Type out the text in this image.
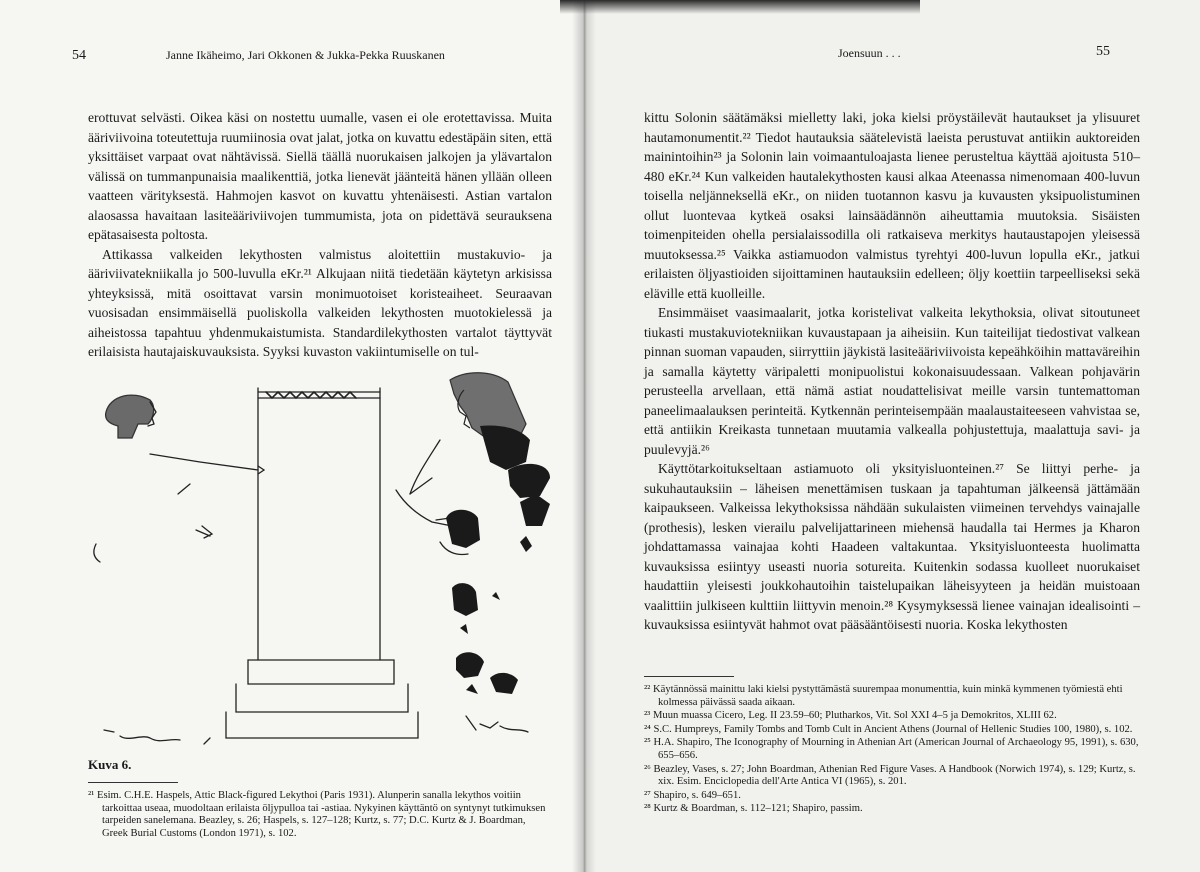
54	Janne Ikäheimo, Jari Okkonen & Jukka-Pekka Ruuskanen

erottuvat selvästi. Oikea käsi on nostettu uumalle, vasen ei ole erotettavissa. Muita ääriviivoina toteutettuja ruumiinosia ovat jalat, jotka on kuvattu edestäpäin siten, että yksittäiset varpaat ovat nähtävissä. Siellä täällä nuorukaisen jalkojen ja ylävartalon välissä on tummanpunaisia maalikenttiä, jotka lienevät jäänteitä hänen yllään olleen vaatteen värityksestä. Hahmojen kasvot on kuvattu yhtenäisesti. Astian vartalon alaosassa havaitaan lasiteääriviivojen tummumista, jota on pidettävä seurauksena epätasaisesta poltosta.

Attikassa valkeiden lekythosten valmistus aloitettiin mustakuvio- ja ääriviivatekniikalla jo 500-luvulla eKr.²¹ Alkujaan niitä tiedetään käytetyn arkisissa yhteyksissä, mitä osoittavat varsin monimuotoiset koristeaiheet. Seuraavan vuosisadan ensimmäisellä puoliskolla valkeiden lekythosten muotokielessä ja aiheistossa tapahtuu yhdenmukaistumista. Standardilekythosten vartalot täyttyvät erilaisista hautajaiskuvauksista. Syyksi kuvaston vakiintumiselle on tul-

Kuva 6.

²¹ Esim. C.H.E. Haspels, Attic Black-figured Lekythoi (Paris 1931). Alunperin sanalla lekythos voitiin tarkoittaa useaa, muodoltaan erilaista öljypulloa tai -astiaa. Nykyinen käyttäntö on syntynyt tutkimuksen tarpeiden sanelemana. Beazley, s. 26; Haspels, s. 127–128; Kurtz, s. 77; D.C. Kurtz & J. Boardman, Greek Burial Customs (London 1971), s. 102.

Joensuun . . .	55

kittu Solonin säätämäksi mielletty laki, joka kielsi pröystäilevät hautaukset ja ylisuuret hautamonumentit.²² Tiedot hautauksia säätelevistä laeista perustuvat antiikin auktoreiden mainintoihin²³ ja Solonin lain voimaantuloajasta lienee perusteltua käyttää ajoitusta 510–480 eKr.²⁴ Kun valkeiden hautalekythosten kausi alkaa Ateenassa nimenomaan 400-luvun toisella neljänneksellä eKr., on niiden tuotannon kasvu ja kuvausten yksipuolistuminen ollut luontevaa kytkeä osaksi lainsäädännön aiheuttamia muutoksia. Sisäisten toimenpiteiden ohella persialaissodilla oli ratkaiseva merkitys hautaustapojen yleisessä muutoksessa.²⁵ Vaikka astiamuodon valmistus tyrehtyi 400-luvun lopulla eKr., jatkui erilaisten öljyastioiden sijoittaminen hautauksiin edelleen; öljy koettiin tarpeelliseksi sekä eläville että kuolleille.

Ensimmäiset vaasimaalarit, jotka koristelivat valkeita lekythoksia, olivat sitoutuneet tiukasti mustakuviotekniikan kuvaustapaan ja aiheisiin. Kun taiteilijat tiedostivat valkean pinnan suoman vapauden, siirryttiin jäykistä lasiteääriviivoista kepeähköihin mattaväreihin ja samalla käytetty väripaletti monipuolistui kokonaisuudessaan. Valkean pohjavärin perusteella arvellaan, että nämä astiat noudattelisivat meille varsin tuntemattoman paneelimaalauksen perinteitä. Kytkennän perinteisempään maalaustaiteeseen vahvistaa se, että antiikin Kreikasta tunnetaan muutamia valkealla pohjustettuja, maalattuja savi- ja puulevyjä.²⁶

Käyttötarkoitukseltaan astiamuoto oli yksityisluonteinen.²⁷ Se liittyi perhe- ja sukuhautauksiin – läheisen menettämisen tuskaan ja tapahtuman jälkeensä jättämään kaipaukseen. Valkeissa lekythoksissa nähdään sukulaisten viimeinen tervehdys vainajalle (prothesis), lesken vierailu palvelijattarineen miehensä haudalla tai Hermes ja Kharon johdattamassa vainajaa kohti Haadeen valtakuntaa. Yksityisluonteesta huolimatta kuvauksissa esiintyy useasti nuoria sotureita. Kuitenkin sodassa kuolleet nuorukaiset haudattiin yleisesti joukkohautoihin taistelupaikan läheisyyteen ja heidän muistoaan vaalittiin julkiseen kulttiin liittyvin menoin.²⁸ Kysymyksessä lienee vainajan idealisointi – kuvauksissa esiintyvät hahmot ovat pääsääntöisesti nuoria. Koska lekythosten

²² Käytännössä mainittu laki kielsi pystyttämästä suurempaa monumenttia, kuin minkä kymmenen työmiestä ehti kolmessa päivässä saada aikaan.

²³ Muun muassa Cicero, Leg. II 23.59–60; Plutharkos, Vit. Sol XXI 4–5 ja Demokritos, XLIII 62.

²⁴ S.C. Humpreys, Family Tombs and Tomb Cult in Ancient Athens (Journal of Hellenic Studies 100, 1980), s. 102.

²⁵ H.A. Shapiro, The Iconography of Mourning in Athenian Art (American Journal of Archaeology 95, 1991), s. 630, 655–656.

²⁶ Beazley, Vases, s. 27; John Boardman, Athenian Red Figure Vases. A Handbook (Norwich 1974), s. 129; Kurtz, s. xix. Esim. Enciclopedia dell'Arte Antica VI (1965), s. 201.

²⁷ Shapiro, s. 649–651.

²⁸ Kurtz & Boardman, s. 112–121; Shapiro, passim.
